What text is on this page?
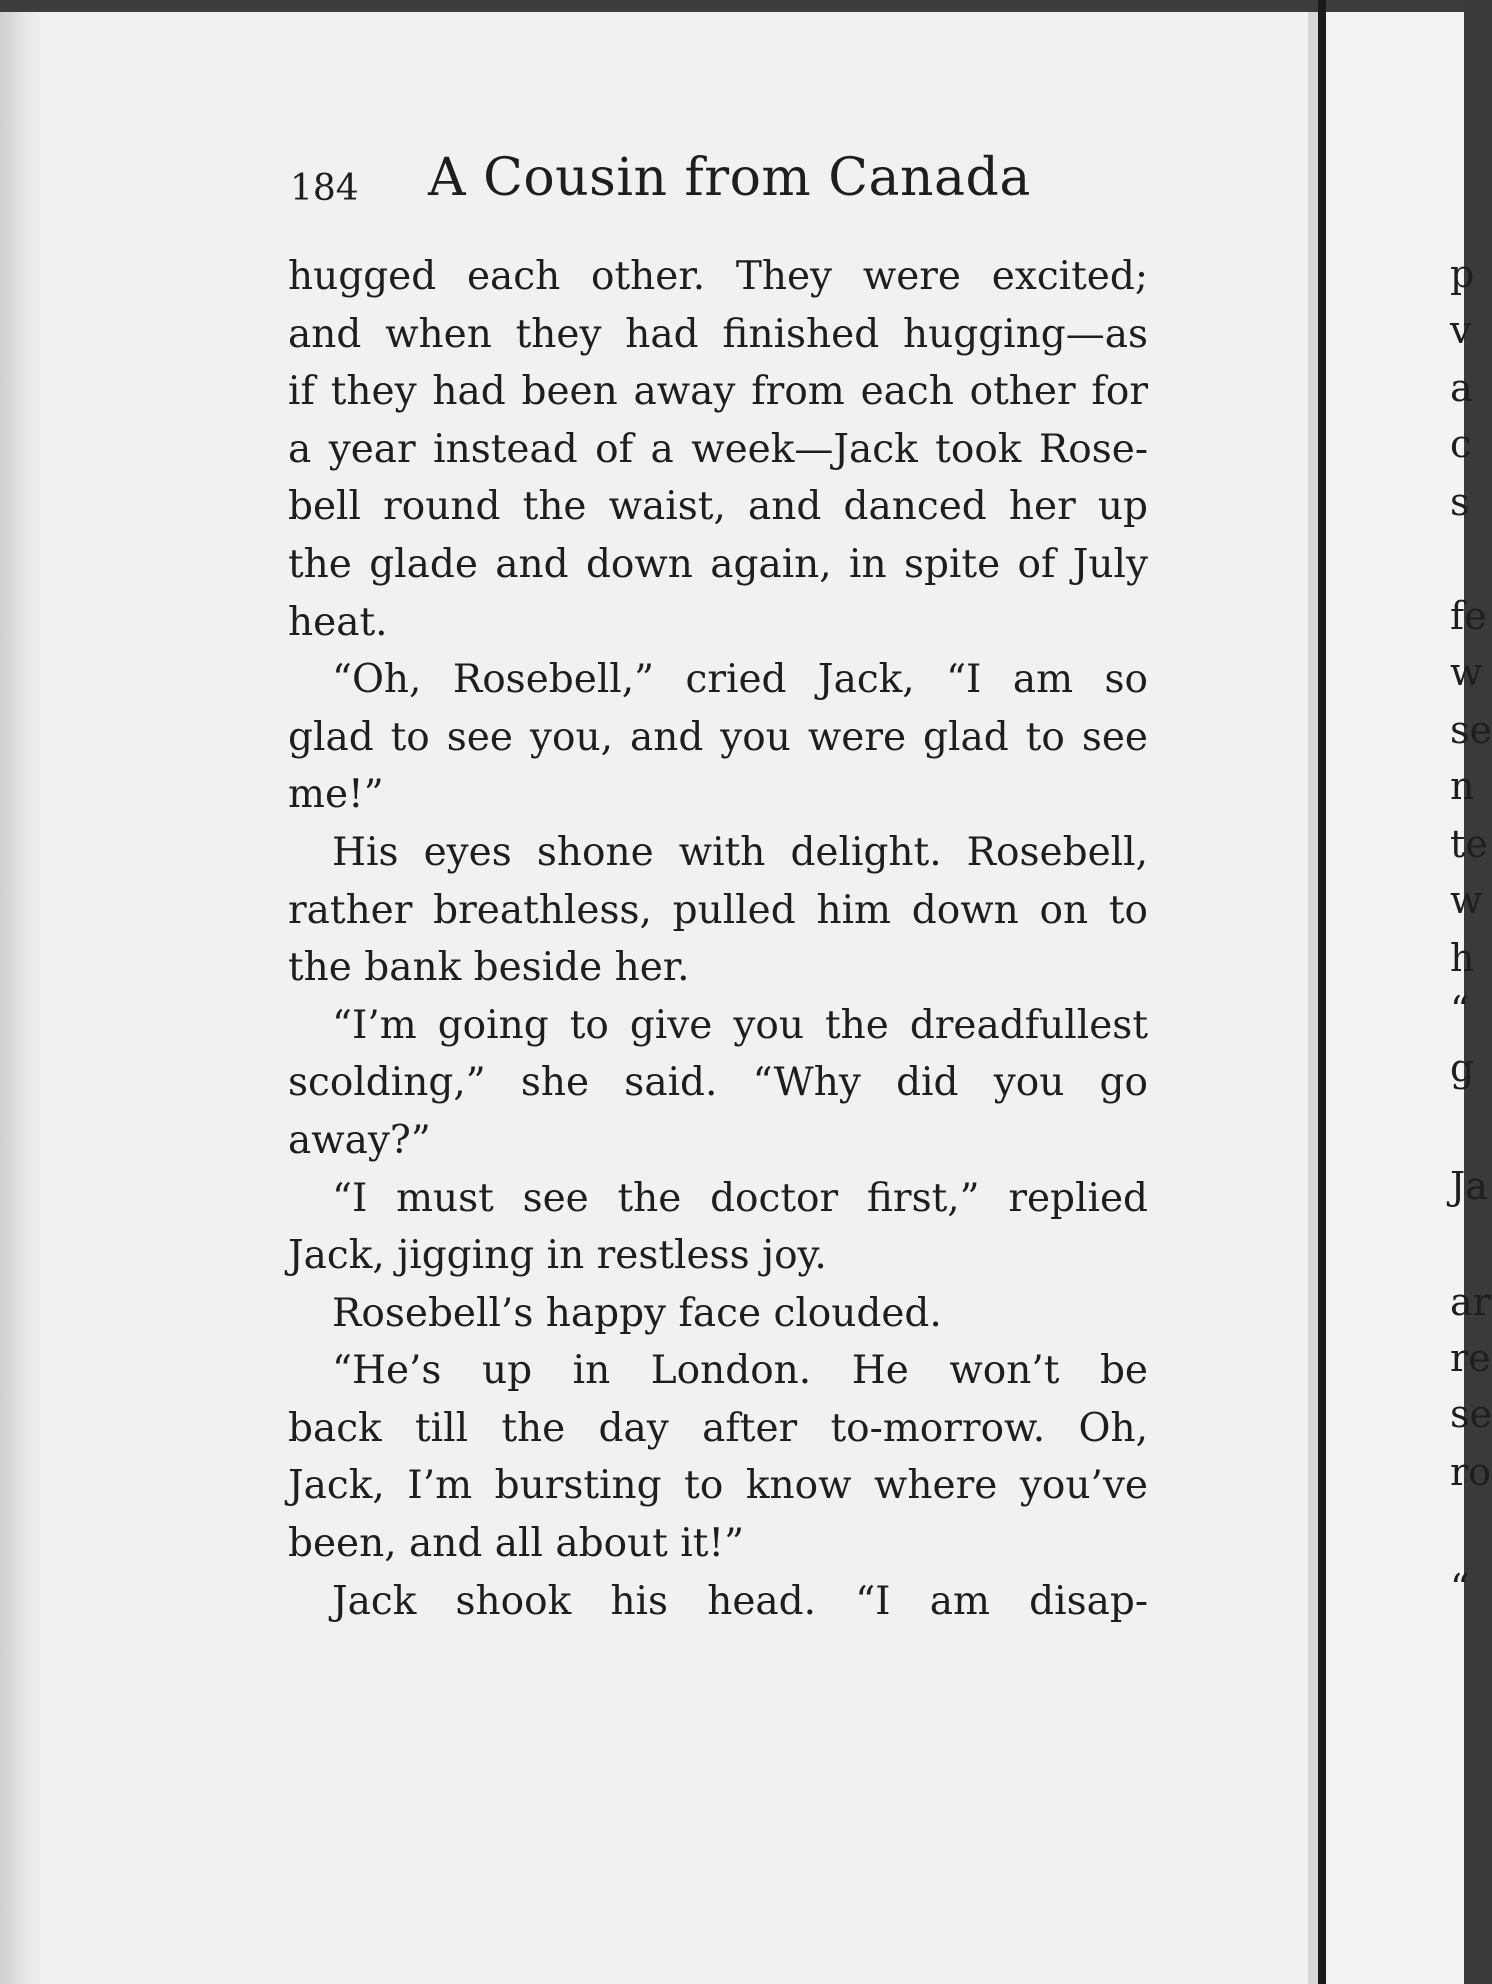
184 A Cousin from Canada
hugged each other. They were excited;
and when they had finished hugging—as
if they had been away from each other for
a year instead of a week—Jack took Rose-
bell round the waist, and danced her up
the glade and down again, in spite of July
heat.
“Oh, Rosebell,” cried Jack, “I am so
glad to see you, and you were glad to see
me!”
His eyes shone with delight. Rosebell,
rather breathless, pulled him down on to
the bank beside her.
“I’m going to give you the dreadfullest
scolding,” she said. “Why did you go
away?”
“I must see the doctor first,” replied
Jack, jigging in restless joy.
Rosebell’s happy face clouded.
“He’s up in London. He won’t be
back till the day after to-morrow. Oh,
Jack, I’m bursting to know where you’ve
been, and all about it!”
Jack shook his head. “I am disap-
p
v
a
c
s
fe
w
se
n
te
w
h
“
g
Ja
ar
re
se
ro
“
